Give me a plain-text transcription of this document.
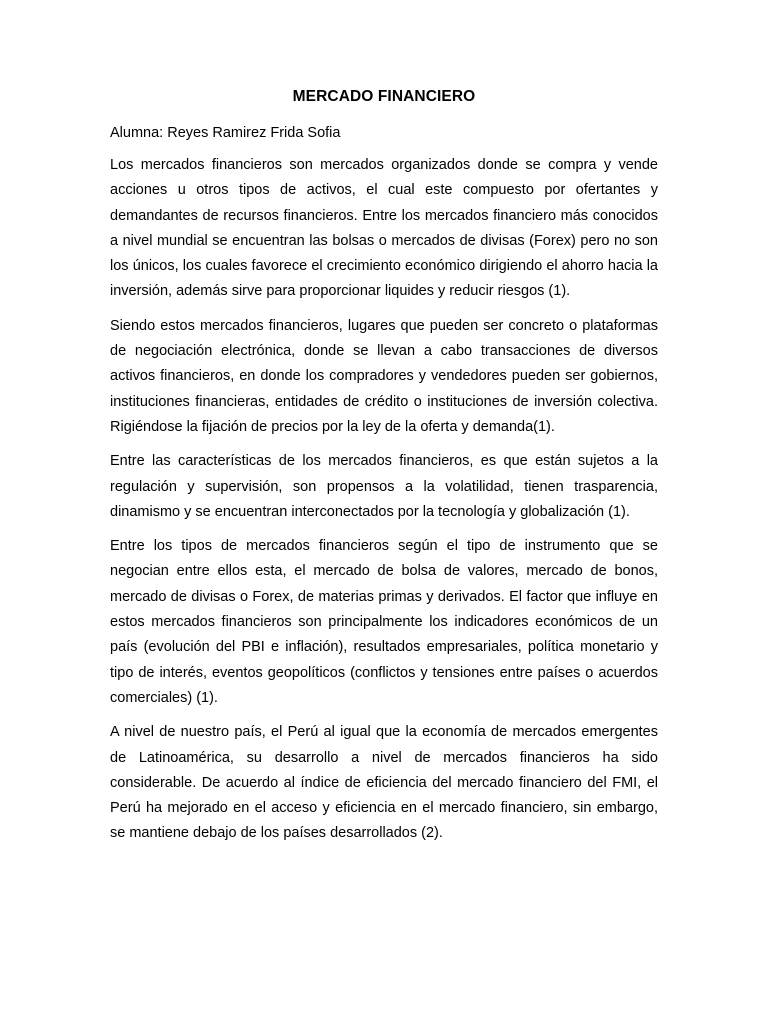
MERCADO FINANCIERO

Alumna: Reyes Ramirez Frida Sofia

Los mercados financieros son mercados organizados donde se compra y vende acciones u otros tipos de activos, el cual este compuesto por ofertantes y demandantes de recursos financieros. Entre los mercados financiero más conocidos a nivel mundial se encuentran las bolsas o mercados de divisas (Forex) pero no son los únicos, los cuales favorece el crecimiento económico dirigiendo el ahorro hacia la inversión, además sirve para proporcionar liquides y reducir riesgos (1).

Siendo estos mercados financieros, lugares que pueden ser concreto o plataformas de negociación electrónica, donde se llevan a cabo transacciones de diversos activos financieros, en donde los compradores y vendedores pueden ser gobiernos, instituciones financieras, entidades de crédito o instituciones de inversión colectiva. Rigiéndose la fijación de precios por la ley de la oferta y demanda(1).

Entre las características de los mercados financieros, es que están sujetos a la regulación y supervisión, son propensos a la volatilidad, tienen trasparencia, dinamismo y se encuentran interconectados por la tecnología y globalización (1).

Entre los tipos de mercados financieros según el tipo de instrumento que se negocian entre ellos esta, el mercado de bolsa de valores, mercado de bonos, mercado de divisas o Forex, de materias primas y derivados. El factor que influye en estos mercados financieros son principalmente los indicadores económicos de un país (evolución del PBI e inflación), resultados empresariales, política monetario y tipo de interés, eventos geopolíticos (conflictos y tensiones entre países o acuerdos comerciales) (1).

A nivel de nuestro país, el Perú al igual que la economía de mercados emergentes de Latinoamérica, su desarrollo a nivel de mercados financieros ha sido considerable. De acuerdo al índice de eficiencia del mercado financiero del FMI, el Perú ha mejorado en el acceso y eficiencia en el mercado financiero, sin embargo, se mantiene debajo de los países desarrollados (2).
